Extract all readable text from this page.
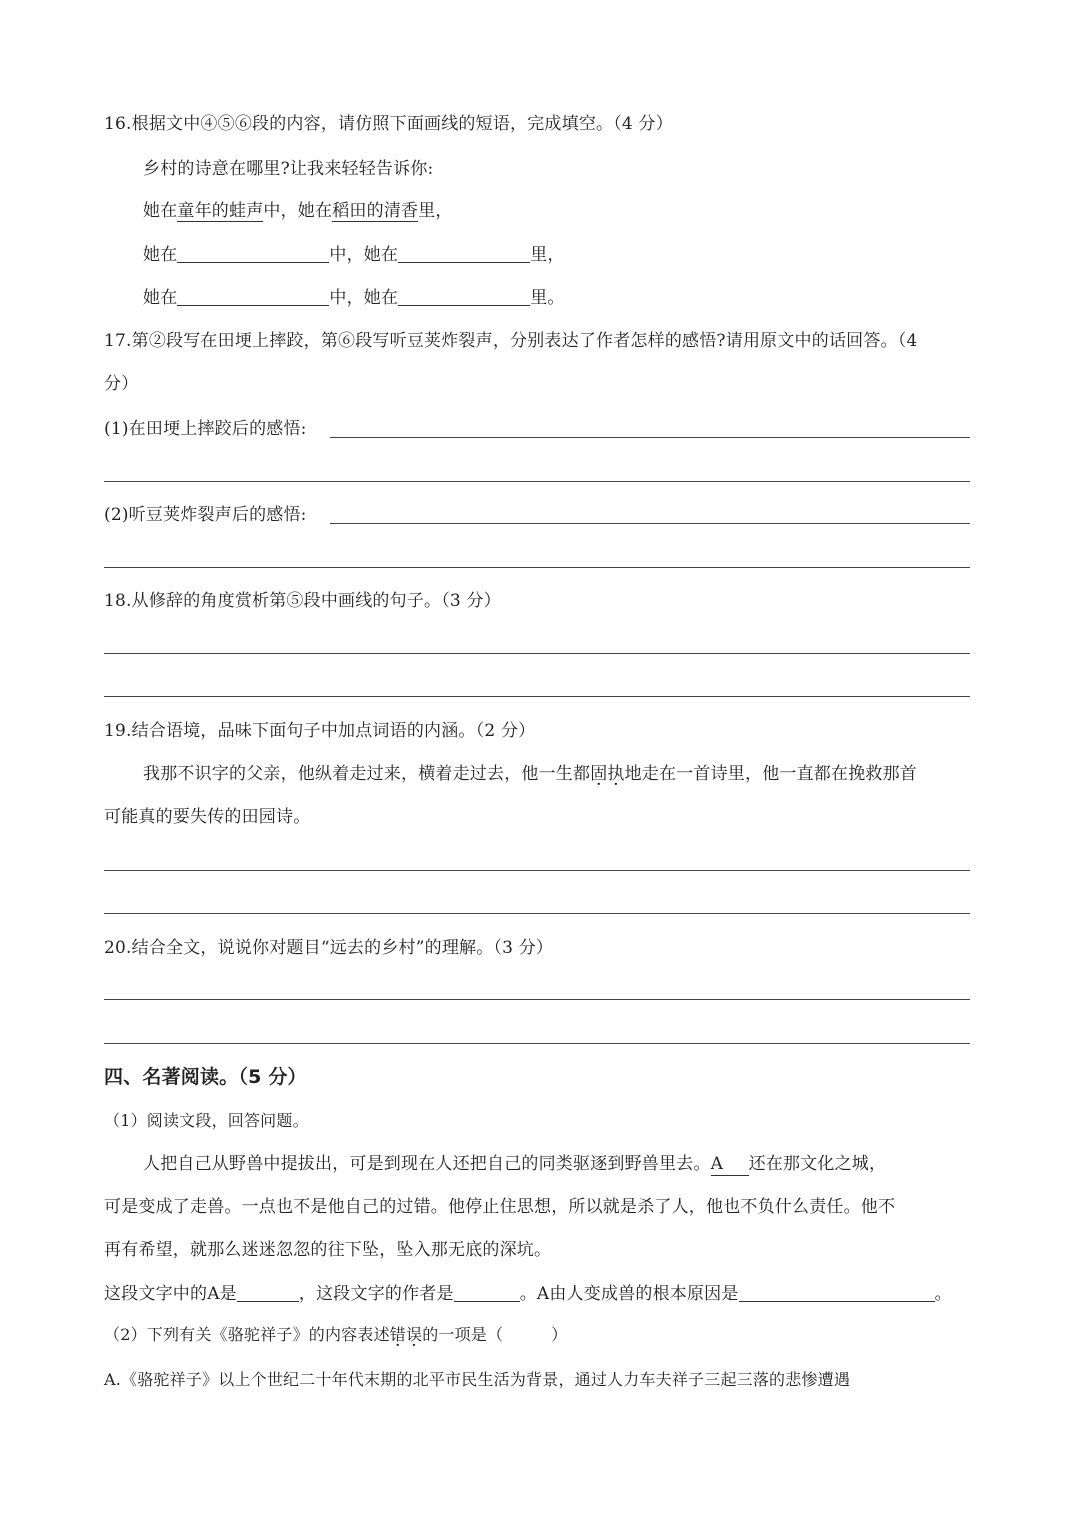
16.根据文中④⑤⑥段的内容，请仿照下面画线的短语，完成填空。（4 分）
乡村的诗意在哪里?让我来轻轻告诉你:
她在童年的蛙声中，她在稻田的清香里，
她在	中，她在	里，
她在	中，她在	里。
17.第②段写在田埂上摔跤，第⑥段写听豆荚炸裂声，分别表达了作者怎样的感悟?请用原文中的话回答。（4
分）
(1)在田埂上摔跤后的感悟:
(2)听豆荚炸裂声后的感悟:
18.从修辞的角度赏析第⑤段中画线的句子。（3 分）
19.结合语境，品味下面句子中加点词语的内涵。（2 分）
我那不识字的父亲，他纵着走过来，横着走过去，他一生都固执地走在一首诗里，他一直都在挽救那首
可能真的要失传的田园诗。
20.结合全文，说说你对题目“远去的乡村”的理解。（3 分）
四、名著阅读。（5 分）
（1）阅读文段，回答问题。
人把自己从野兽中提拔出，可是到现在人还把自己的同类驱逐到野兽里去。A 还在那文化之城，
可是变成了走兽。一点也不是他自己的过错。他停止住思想，所以就是杀了人，他也不负什么责任。他不
再有希望，就那么迷迷忽忽的往下坠，坠入那无底的深坑。
这段文字中的A是	，这段文字的作者是	。A由人变成兽的根本原因是	。
（2）下列有关《骆驼祥子》的内容表述错误的一项是（	）
A.《骆驼祥子》以上个世纪二十年代末期的北平市民生活为背景，通过人力车夫祥子三起三落的悲惨遭遇
